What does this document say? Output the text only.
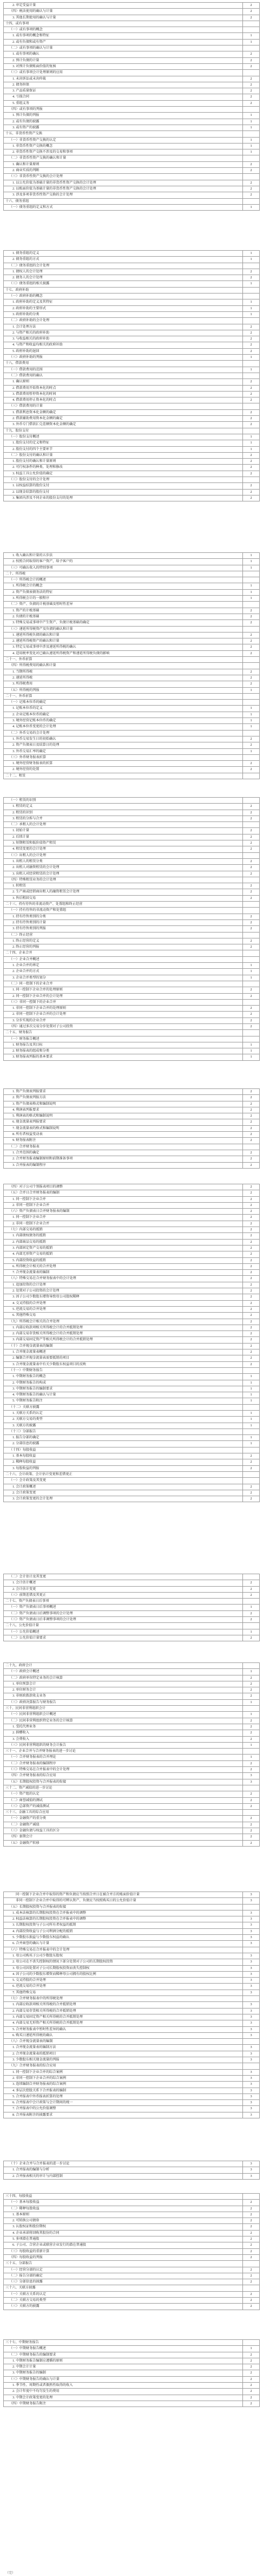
2. 审定受益计量	2
（四）税法使用的确认与计量	2
3. 其他长期使用的确认与计量	2
十四、或有事项	
（一）或有事项的概念	
1. 或有事项的概念和特征	1
2. 或有负债和或有资产	1
（二）或有事项的确认与计量	
1. 或有事项的确认	2
2. 预计负债的计量	2
3. 对预计负债账面价值的复核	2
（三）或有事项会计处理原则的应用	
1. 未决诉讼或未决仲裁	2
2. 债务担保	2
3. 产品质量保证	2
4. 亏损合同	2
5. 重组义务	2
（四）或有事项的列报	
1. 预计负债的列报	1
2. 或有负债的披露	1
3. 或有资产的披露	1
十五、非货币性资产交换	
（一）非货币性资产交换的认定	1
1. 非货币性资产交换的概念	1
2. 非货币性资产交换不涉及的交易和事项	1
（二）非货币性资产交换的确认和计量	
1. 确认和计量原则	2
2. 商业实质的判断	2
（三）非货币性资产交换的会计处理	
1. 以公允价值为基础计量的非货币性资产交换的会计处理	2
2. 以账面价值为基础计量的非货币性资产交换的会计处理	2
3. 涉及多项非货币性资产交换的会计处理	2
十六、债务重组	
（一）债务重组的定义和方式	1
1. 债务重组的定义	1
2. 债务重组的方式	1
（二）债务重组的会计处理	
1. 债权人的会计处理	2
2. 债务人的会计处理	2
（三）债务重组的相关披露	1
十七、政府补助	
（一）政府补助的概念	
1. 政府补助的定义及其特征	1
2. 政府补助的主要形式	1
3. 政府补助的分类	1
（二）政府补助的会计处理	
1. 会计处理方法	2
2. 与资产相关的政府补助	2
3. 与收益相关的政府补助	2
4. 与资产和收益均相关的政府补助	2
5. 政府补助的退回	2
（三）政府补助的列报	1
十八、借款费用	
（一）借款费用的范围	1
（二）借款费用的确认	
1. 确认原则	2
2. 借款费用开始资本化的时点	2
3. 借款费用暂停资本化的时间	2
4. 借款费用停止资本化的时点	2
（三）借款费用的计量	
1. 借款利息资本化金额的确定	2
2. 借款辅助费用资本化金额的确定	2
3. 外币专门借款汇兑差额资本化金额的确定	2
十九、股份支付	
（一）股份支付概述	1
1. 股份支付的定义和特征	1
2. 股份支付的四个主要环节	1
（二）股份支付的确认和计量	2
1. 股份支付的确认和计量原则	2
2. 可行权条件的种类、处理和修改	2
3. 权益工具公允价值的确定	2
（三）股份支付的会计处理	
1. 以权益结算的股份支付	2
2. 以现金结算的股份支付	2
3. 集团内涉及不同企业的股份支付的处理	2
1. 收入确认和计量的五步法	1
2. 按照合同取得的客户资产，给予客户的	1
（三）可确认收入的特别事项	1
二十、所得税	
（一）所得税会计的概述	
1. 所得税会计的概念	1
2. 资产负债表债务法的特征	1
3. 所得税会计的一般程序	1
（二）资产、负债的计税基础及暂时性差异	
1. 资产的计税基础	2
2. 负债的计税基础	2
3. 特殊交易或事项中产生资产、负债计税基础的确定	2
（三）递延所得税资产及负债的确认和计量	
1. 递延所得税负债的确认和计量	2
2. 递延所得税资产的确认和计量	2
3. 特定交易或事项中涉及递延所得税的确认	2
4. 适用税率变化对已确认递延所得税资产和递延所得税负债的影响	2
二十一、外币折算	
（四）所得税费用的确认和计量	
1. 当期所得税	2
2. 递延所得税	2
3. 所得税费用	2
（五）所得税的列报	1
二十一、外币折算	
（一）记账本位币的确定	
1. 记账本位币的定义	1
2. 企业记账本位币的确定	1
3. 境外经营记账本位币的确定	1
4. 记账本位币变更的会计处理	1
（二）外币交易的会计处理	
1. 外币交易发生日的初始确认	2
2. 资产负债表日及结算日的处理	2
3. 外币交易汇率的确定	1
（三）外币财务报表折算	
1. 境外经营财务报表的折算	2
2. 境外经营的处置	2
二十二、租赁	
（一）租赁的识别	
1. 租赁的定义	2
2. 租赁的识别	2
3. 租赁的分拆与合并	2
（二）承租人的会计处理	
1. 初始计量	2
2. 后续计量	2
3. 短期租赁和低价值资产租赁	2
4. 租赁变更的会计处理	2
（三）出租人的会计处理	
1. 出租人的租赁分类	2
2. 出租人对融资租赁的会计处理	2
3. 出租人对经营租赁的会计处理	2
（四）特殊租赁业务的会计处理	
1. 转租赁	2
2. 生产商或经销商出租人的融资租赁会计处理	2
3. 售后租回交易	2
二十三、持有待售的非流动资产、处置组和终止经营	
（一）持有待售的非流动资产和处置组	
1. 持有待售类别的分类	2
2. 持有待售类别的计量	2
3. 持有待售类别的列报	2
（二）终止经营	
1. 终止经营的定义	2
2. 终止经营的列报	2
二十四、企业合并	
（一）企业合并概述	
1. 企业合并的界定	1
2. 企业合并的方式	1
3. 企业合并类型的划分	1
（二）同一控制下的企业合并	
1. 同一控制下企业合并的处理原则	2
2. 同一控制下企业合并的会计处理	2
（三）非同一控制下的企业合并	
1. 非同一控制下企业合并的处理原则	2
2. 非同一控制下企业合并的会计处理	2
3. 分步实现的企业合并	2
（四）通过多次交易分步处置对子公司投资	2
二十五、财务报告	
（一）财务报告概述	
1. 财务报告及其目标	1
2. 财务报表的组成和分类	1
3. 财务报表列报的基本要求	1
1. 资产负债表列报要求	2
2. 资产负债表列报方法	2
3. 资产负债表格式和编制说明	2
4. 利润表列报要求	2
5. 利润表的格式和编制说明	2
6. 现金流量表列报要求	2
7. 现金流量表的格式和编制说明	2
8. 所有者权益变动表	2
9. 财务报表附注	2
（二）合并财务报表	
1. 合并范围的确定	2
2. 合并财务报表编制原则和前期准备事项	2
3. 合并报表的编制程序	2
（四）对子公司个别报表项目的调整	2
（五）合并日合并财务报表的编制	2
1. 同一控制下企业合并	2
2. 非同一控制下企业合并	2
（六）资产负债表日合并财务报表的编制	2
1. 同一控制下企业合并	2
2. 非同一控制下企业合并	2
（七）内部交易的抵销	2
1. 内部债权债务的抵销	2
2. 内部商品交易的抵销	2
3. 内部固定资产交易的抵销	2
4. 内部无形资产交易的抵销	2
5. 内部投资收益的抵销	2
6. 所得税会计相关的合并处理	2
7. 合并现金流量表的编制	2
（八）特殊交易在合并财务报表中的会计处理	2
1. 追加投资的会计处理	2
2. 处置对子公司投资的会计处理	2
3. 因子公司少数股东增资导致母公司股权稀释	2
4. 交叉持股的合并处理	2
5. 逆流交易的合并处理	2
6. 其他特殊交易	2
（九）所得税会计相关的合并处理	2
1. 内部应收款项相关所得税会计的合并抵销处理	2
2. 内部交易存货相关所得税会计的合并抵销处理	2
3. 内部交易固定资产等相关所得税会计的合并抵销处理	2
（十）合并现金流量表的编制	2
1. 合并现金流量表概述	2
2. 编制合并现金流量表需要抵销的项目	2
3. 合并现金流量表中有关少数股东权益项目的反映	2
（十一）中期财务报告	
1. 中期财务报告的概念	1
2. 中期财务报告的构成	1
3. 中期财务报告的编制要求	1
4. 中期财务报告的确认与计量	1
5. 中期财务报告附注	1
（十二）关联方披露	
1. 关联方关系的认定	1
2. 关联方交易的类型	1
3. 关联方的披露	1
（十三）分部报告	
1. 报告分部的确定	1
2. 分部信息的披露	1
（十四）每股收益	
1. 基本每股收益	2
2. 稀释每股收益	2
3. 每股收益的列报	2
二十六、会计政策、会计估计变更和差错更正	
（一）会计政策及其变更	
1. 会计政策概述	2
2. 会计政策变更	2
3. 会计政策变更的会计处理	2
（二）会计估计及其变更	
1. 会计估计概述	2
2. 会计估计变更	2
（三）前期差错及其更正	2
二十七、资产负债表日后事项	
（一）资产负债表日后事项概述	1
（二）资产负债表日后调整事项的会计处理	2
（三）资产负债表日后非调整事项的会计处理	2
二十八、公允价值计量	
（一）公允价值概述	1
（二）公允价值计量要求	2
二十九、政府会计	
（一）政府会计概述	1
（二）政府单位特定业务的会计核算	2
1. 单位预算会计	2
2. 单位财务会计	2
3. 非财政拨款收支业务	2
（三）政府决算报告与财务报告	1
三十、民间非营利组织会计	
（一）民间非营利组织会计概述	1
（二）民间非营利组织特定业务的会计核算	2
1. 受托代理业务	2
2. 捐赠收入	2
3. 会费收入	2
（三）民间非营利组织的财务会计报告	1
三十一、企业合并与合并财务报表的进一步讨论	
（一）合并财务报表的合并理论	1
（二）合并财务报表的编制程序	2
（三）特殊交易在合并报表中的会计处理	2
（四）合并财务报表的综合应用	3
（五）长期股权投资与合并报表的衔接	3
三十二、资产减值的进一步讨论	
（一）资产组的认定	2
（二）商誉减值的测试	2
（三）总部资产的减值测试	2
三十三、金融工具的综合应用	
（一）金融资产的重分类	2
（二）金融资产减值	2
（三）金融负债与权益工具的区分	2
（四）套期会计	2
（五）金融资产转移	2
同一控制下企业合并中取得的资产和负债应当按照合并日在被合并方的账面价值计量	3
非同一控制下企业合并中取得的可辨认资产、负债应当按照购买日的公允价值计量	3
（五）长期股权投资与合并报表的衔接	
1. 成本法核算的长期股权投资在合并报表中的调整	3
2. 权益法核算的长期股权投资在合并报表中的调整	3
3. 长期股权投资与子公司所有者权益的抵销	3
4. 内部投资收益与子公司利润分配的抵销	3
5. 少数股东损益与少数股东权益的确认	3
6. 合并商誉的确认与计量	3
（六）特殊交易在合并报表中的会计处理	
1. 母公司购买子公司少数股东股权	3
2. 母公司在不丧失控制权的情况下部分处置对子公司的长期股权投资	3
3. 母公司因处置对子公司长期股权投资而丧失控制权	3
4. 因子公司的少数股东增资而稀释母公司拥有的股权比例	3
5. 交叉持股的合并处理	3
6. 逆流交易的合并处理	3
7. 其他特殊交易	3
（七）合并财务报表中的所得税处理	
1. 内部应收款项相关所得税的合并抵销处理	3
2. 内部交易存货相关所得税的合并抵销处理	3
3. 内部交易固定资产相关所得税的合并抵销处理	3
4. 内部交易无形资产相关所得税的合并抵销处理	3
5. 合并财务报表中暂时性差异的确认	3
6. 购买日递延所得税的确认	3
（八）合并现金流量表的编制	
1. 合并现金流量表的编制方法	3
2. 合并现金流量表的抵销项目	3
3. 少数股东相关现金流量的列报	3
（九）合并财务报表的综合应用	
1. 同一控制下企业合并的综合案例	3
2. 非同一控制下企业合并的综合案例	3
3. 连续编制合并财务报表的综合案例	3
4. 多层次控股关系下合并报表的编制	3
5. 合并报表中外币报表折算的处理	3
6. 合并报表中会计政策与会计期间的统一	3
7. 合并报表中的公允价值调整	3
8. 合并报表附注的披露要求	3
（十）企业合并与合并报表的进一步讨论	3
1. 合并报表的编制与分析	3
2. 合并报表相关的审计与内部控制	3
三十四、每股收益	
（一）基本每股收益	2
（二）稀释每股收益	2
1. 基本原则	2
2. 可转换公司债券	2
3. 认股权证和股份期权	2
4. 企业承诺将回购其股份的合同	2
5. 多项潜在普通股	2
6. 子公司、合营企业或联营企业发行的潜在普通股	2
（三）每股收益的重新计算	2
（四）每股收益的列报	2
三十五、分部报告	
（一）经营分部的认定	2
（二）报告分部的确定	2
（三）分部信息的披露	2
三十六、关联方披露	
（一）关联方关系的认定	2
（二）关联方交易的类型	2
（三）关联方的披露	2
三十七、中期财务报告	
（一）中期财务报告概述	1
（二）中期财务报告的编制要求	2
1. 中期财务报告编制应遵循的原则	2
2. 中期会计计量	2
3. 中期财务报告的编制	2
（三）中期财务报告的确认与计量	2
1. 季节性、周期性或者偶然性取得的收入	2
2. 会计年度中不均匀发生的费用	2
3. 中期会计政策变更的处理	2
（四）中期财务报告附注	2
（完）
